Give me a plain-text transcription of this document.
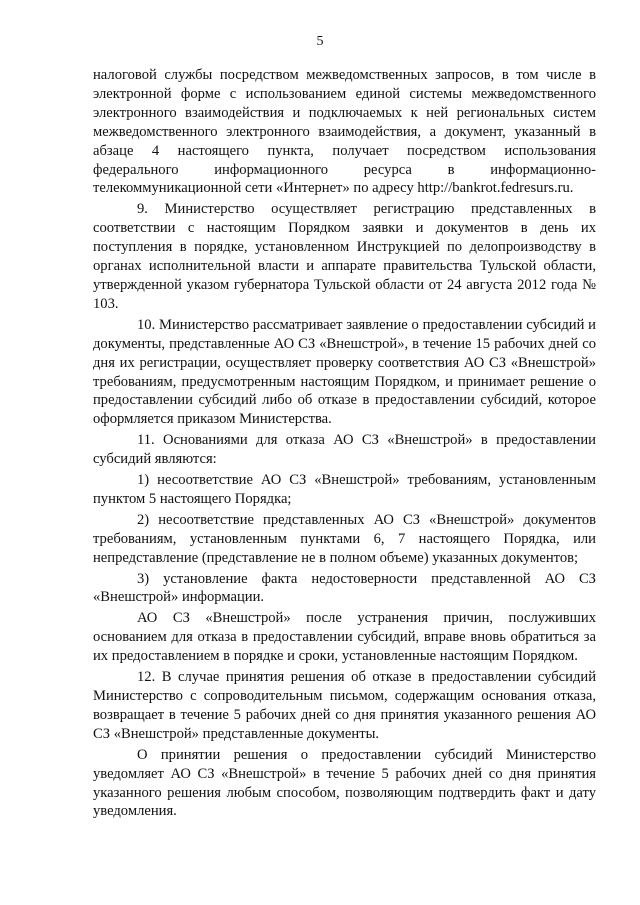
5

налоговой службы посредством межведомственных запросов, в том числе в электронной форме с использованием единой системы межведомственного электронного взаимодействия и подключаемых к ней региональных систем межведомственного электронного взаимодействия, а документ, указанный в абзаце 4 настоящего пункта, получает посредством использования федерального информационного ресурса в информационно-телекоммуникационной сети «Интернет» по адресу http://bankrot.fedresurs.ru.

9. Министерство осуществляет регистрацию представленных в соответствии с настоящим Порядком заявки и документов в день их поступления в порядке, установленном Инструкцией по делопроизводству в органах исполнительной власти и аппарате правительства Тульской области, утвержденной указом губернатора Тульской области от 24 августа 2012 года № 103.

10. Министерство рассматривает заявление о предоставлении субсидий и документы, представленные АО СЗ «Внешстрой», в течение 15 рабочих дней со дня их регистрации, осуществляет проверку соответствия АО СЗ «Внешстрой» требованиям, предусмотренным настоящим Порядком, и принимает решение о предоставлении субсидий либо об отказе в предоставлении субсидий, которое оформляется приказом Министерства.

11. Основаниями для отказа АО СЗ «Внешстрой» в предоставлении субсидий являются:

1) несоответствие АО СЗ «Внешстрой» требованиям, установленным пунктом 5 настоящего Порядка;

2) несоответствие представленных АО СЗ «Внешстрой» документов требованиям, установленным пунктами 6, 7 настоящего Порядка, или непредставление (представление не в полном объеме) указанных документов;

3) установление факта недостоверности представленной АО СЗ «Внешстрой» информации.

АО СЗ «Внешстрой» после устранения причин, послуживших основанием для отказа в предоставлении субсидий, вправе вновь обратиться за их предоставлением в порядке и сроки, установленные настоящим Порядком.

12. В случае принятия решения об отказе в предоставлении субсидий Министерство с сопроводительным письмом, содержащим основания отказа, возвращает в течение 5 рабочих дней со дня принятия указанного решения АО СЗ «Внешстрой» представленные документы.

О принятии решения о предоставлении субсидий Министерство уведомляет АО СЗ «Внешстрой» в течение 5 рабочих дней со дня принятия указанного решения любым способом, позволяющим подтвердить факт и дату уведомления.
